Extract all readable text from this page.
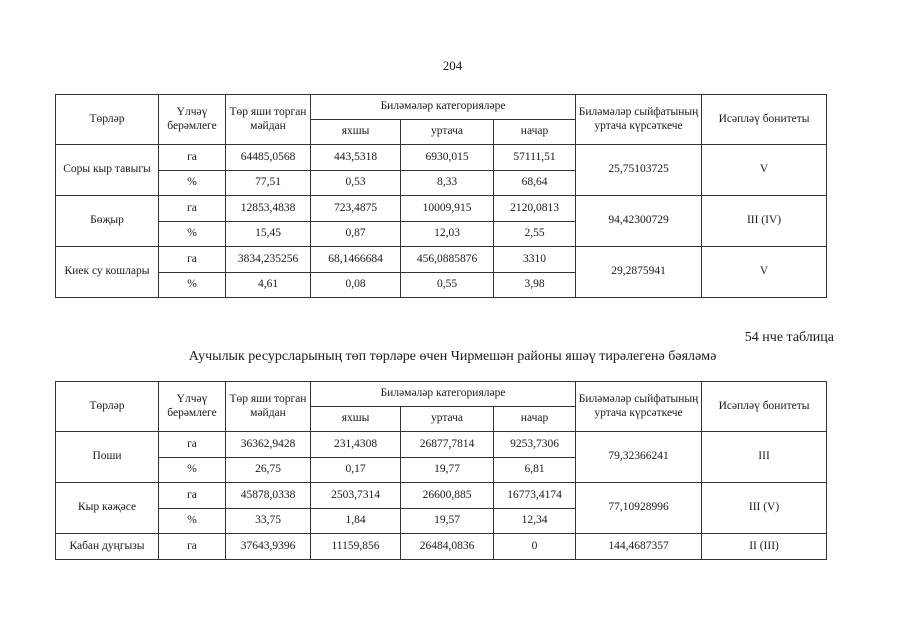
204
Төрләр	Үлчәү берәмлеге	Төр яши торган мәйдан	Биләмәләр категорияләре			Биләмәләр сыйфатының уртача күрсәткече	Исәпләү бонитеты
			яхшы	уртача	начар		
Соры кыр тавыгы	га	64485,0568	443,5318	6930,015	57111,51	25,75103725	V
	%	77,51	0,53	8,33	68,64		
Бөҗыр	га	12853,4838	723,4875	10009,915	2120,0813	94,42300729	III (IV)
	%	15,45	0,87	12,03	2,55		
Киек су кошлары	га	3834,235256	68,1466684	456,0885876	3310	29,2875941	V
	%	4,61	0,08	0,55	3,98		
54 нче таблица
Аучылык ресурсларының төп төрләре өчен Чирмешән районы яшәү тирәлегенә бәяләмә
Төрләр	Үлчәү берәмлеге	Төр яши торган мәйдан	Биләмәләр категорияләре			Биләмәләр сыйфатының уртача күрсәткече	Исәпләү бонитеты
			яхшы	уртача	начар		
Поши	га	36362,9428	231,4308	26877,7814	9253,7306	79,32366241	III
	%	26,75	0,17	19,77	6,81		
Кыр кәҗәсе	га	45878,0338	2503,7314	26600,885	16773,4174	77,10928996	III (V)
	%	33,75	1,84	19,57	12,34		
Кабан дуңгызы	га	37643,9396	11159,856	26484,0836	0	144,4687357	II (III)
